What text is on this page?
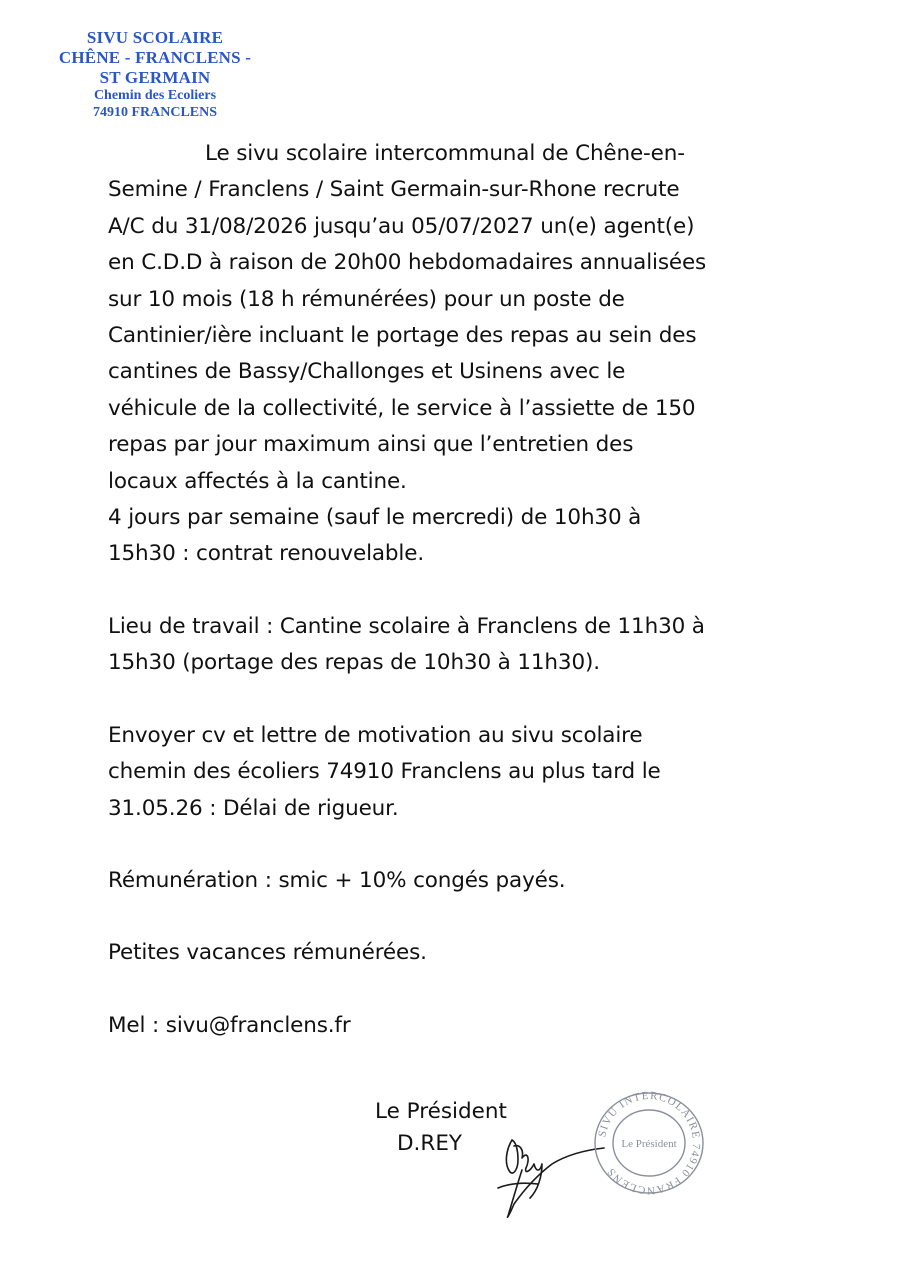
SIVU SCOLAIRE
CHÊNE - FRANCLENS -
ST GERMAIN
Chemin des Ecoliers
74910 FRANCLENS

Le sivu scolaire intercommunal de Chêne-en-

Semine / Franclens / Saint Germain-sur-Rhone recrute

A/C du 31/08/2026 jusqu’au 05/07/2027 un(e) agent(e)

en C.D.D à raison de 20h00 hebdomadaires annualisées

sur 10 mois (18 h rémunérées) pour un poste de

Cantinier/ière incluant le portage des repas au sein des

cantines de Bassy/Challonges et Usinens avec le

véhicule de la collectivité, le service à l’assiette de 150

repas par jour maximum ainsi que l’entretien des

locaux affectés à la cantine.

4 jours par semaine (sauf le mercredi) de 10h30 à

15h30 : contrat renouvelable.

Lieu de travail : Cantine scolaire à Franclens de 11h30 à

15h30 (portage des repas de 10h30 à 11h30).

Envoyer cv et lettre de motivation au sivu scolaire

chemin des écoliers 74910 Franclens au plus tard le

31.05.26 : Délai de rigueur.

Rémunération : smic + 10% congés payés.

Petites vacances rémunérées.

Mel : sivu@franclens.fr

Le Président
D.REY	SIVU INTERCOLAIRE 74910 FRANCLENS
Le Président
